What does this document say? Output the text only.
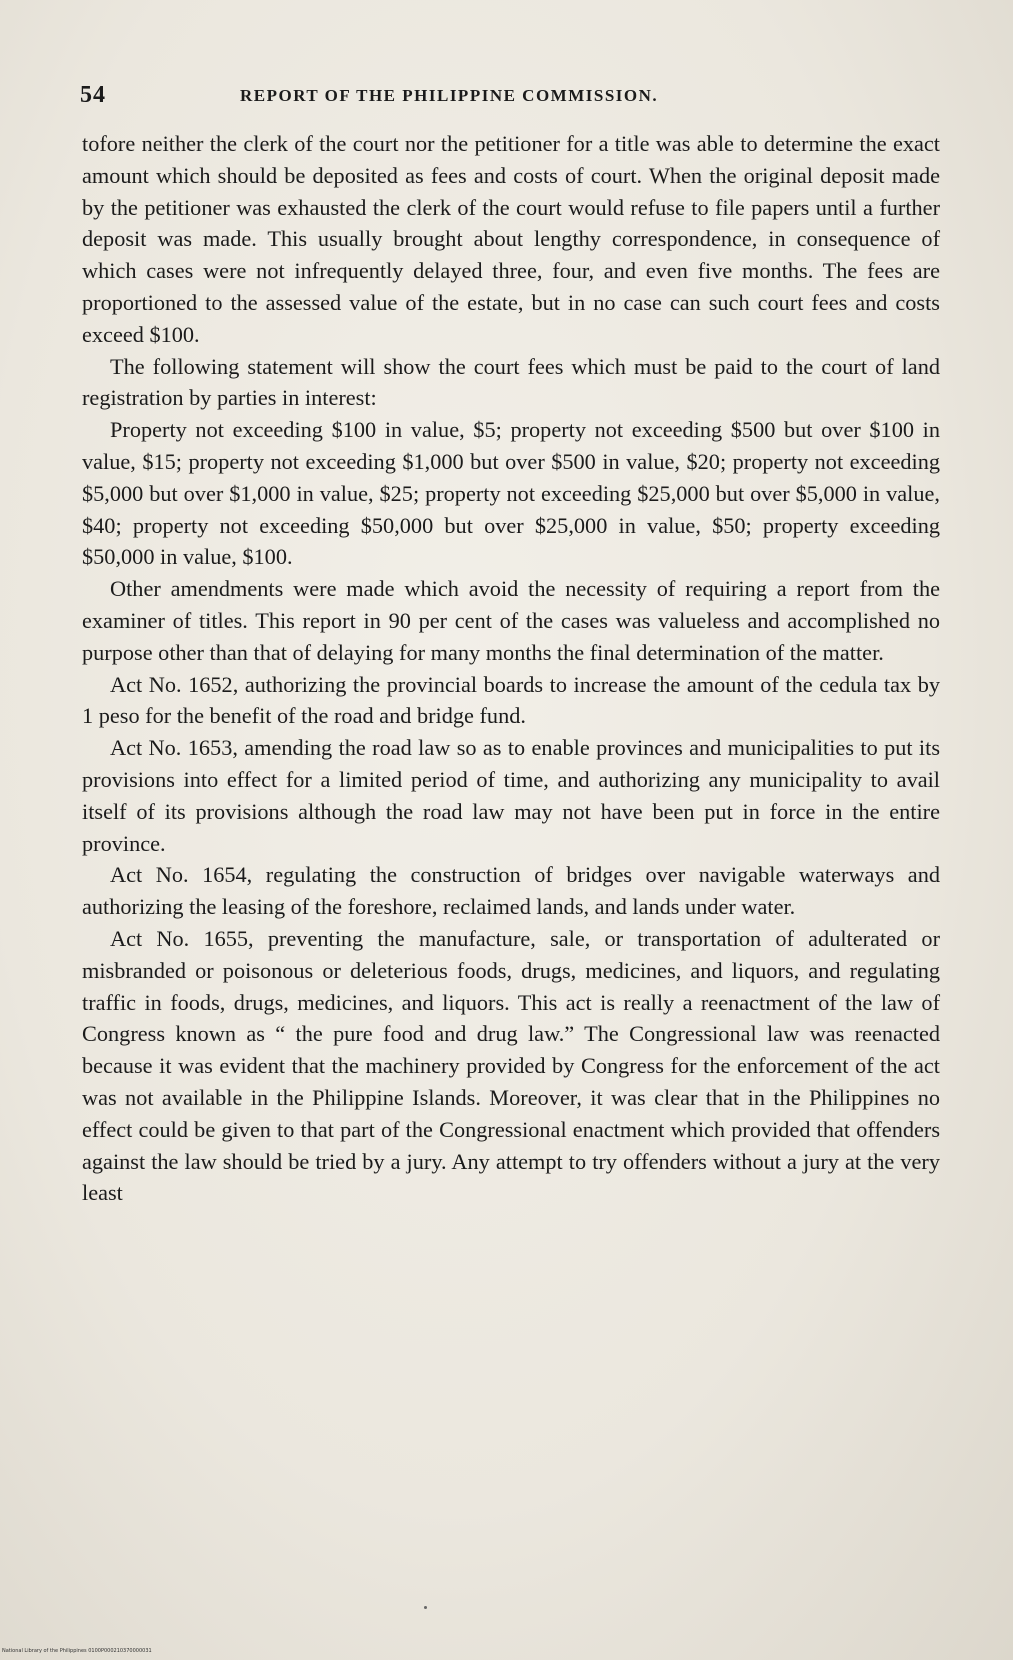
54	REPORT OF THE PHILIPPINE COMMISSION.

tofore neither the clerk of the court nor the petitioner for a title was able to determine the exact amount which should be deposited as fees and costs of court. When the original deposit made by the petitioner was exhausted the clerk of the court would refuse to file papers until a further deposit was made. This usually brought about lengthy correspondence, in consequence of which cases were not infrequently delayed three, four, and even five months. The fees are proportioned to the assessed value of the estate, but in no case can such court fees and costs exceed $100.

The following statement will show the court fees which must be paid to the court of land registration by parties in interest:

Property not exceeding $100 in value, $5; property not exceeding $500 but over $100 in value, $15; property not exceeding $1,000 but over $500 in value, $20; property not exceeding $5,000 but over $1,000 in value, $25; property not exceeding $25,000 but over $5,000 in value, $40; property not exceeding $50,000 but over $25,000 in value, $50; property exceeding $50,000 in value, $100.

Other amendments were made which avoid the necessity of requiring a report from the examiner of titles. This report in 90 per cent of the cases was valueless and accomplished no purpose other than that of delaying for many months the final determination of the matter.

Act No. 1652, authorizing the provincial boards to increase the amount of the cedula tax by 1 peso for the benefit of the road and bridge fund.

Act No. 1653, amending the road law so as to enable provinces and municipalities to put its provisions into effect for a limited period of time, and authorizing any municipality to avail itself of its provisions although the road law may not have been put in force in the entire province.

Act No. 1654, regulating the construction of bridges over navigable waterways and authorizing the leasing of the foreshore, reclaimed lands, and lands under water.

Act No. 1655, preventing the manufacture, sale, or transportation of adulterated or misbranded or poisonous or deleterious foods, drugs, medicines, and liquors, and regulating traffic in foods, drugs, medicines, and liquors. This act is really a reenactment of the law of Congress known as “ the pure food and drug law.” The Congressional law was reenacted because it was evident that the machinery provided by Congress for the enforcement of the act was not available in the Philippine Islands. Moreover, it was clear that in the Philippines no effect could be given to that part of the Congressional enactment which provided that offenders against the law should be tried by a jury. Any attempt to try offenders without a jury at the very least

National Library of the Philippines 0100P000210370000031
